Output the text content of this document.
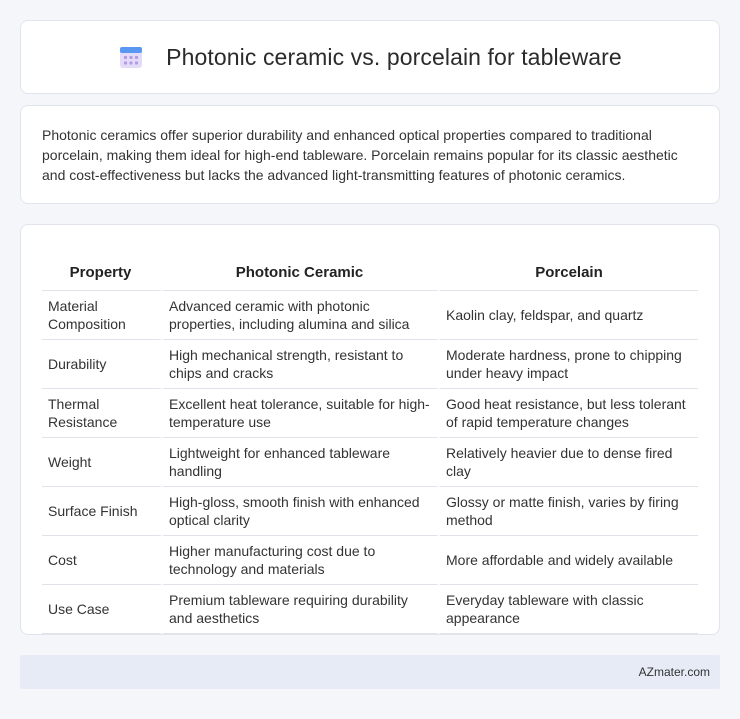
Photonic ceramic vs. porcelain for tableware

Photonic ceramics offer superior durability and enhanced optical properties compared to traditional porcelain, making them ideal for high-end tableware. Porcelain remains popular for its classic aesthetic and cost-effectiveness but lacks the advanced light-transmitting features of photonic ceramics.

Property	Photonic Ceramic	Porcelain
Material Composition	Advanced ceramic with photonic properties, including alumina and silica	Kaolin clay, feldspar, and quartz
Durability	High mechanical strength, resistant to chips and cracks	Moderate hardness, prone to chipping under heavy impact
Thermal Resistance	Excellent heat tolerance, suitable for high-temperature use	Good heat resistance, but less tolerant of rapid temperature changes
Weight	Lightweight for enhanced tableware handling	Relatively heavier due to dense fired clay
Surface Finish	High-gloss, smooth finish with enhanced optical clarity	Glossy or matte finish, varies by firing method
Cost	Higher manufacturing cost due to technology and materials	More affordable and widely available
Use Case	Premium tableware requiring durability and aesthetics	Everyday tableware with classic appearance
AZmater.com
